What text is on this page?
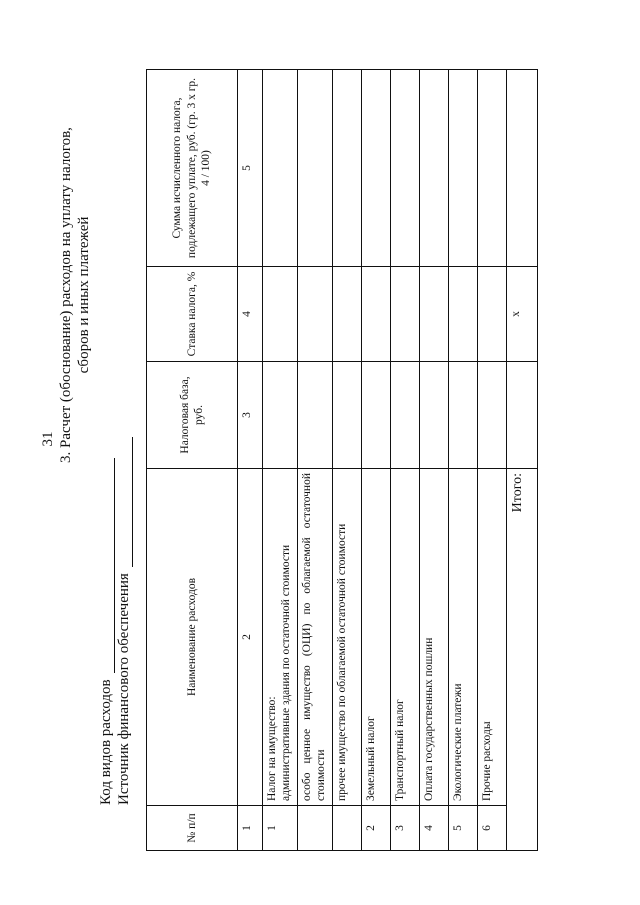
31 3. Расчет (обоснование) расходов на уплату налогов, сборов и иных платежей
Код видов расходов Источник финансового обеспечения
№ п/п	Наименование расходов	Налоговая база, руб.	Ставка налога, %	Сумма исчисленного налога, подлежащего уплате, руб. (гр. 3 х гр. 4 / 100)
1	2	3	4	5
1	Налог на имущество: административные здания по остаточной стоимости			

	особо ценное имущество (ОЦИ) по облагаемой остаточной стоимости			

	прочее имущество по облагаемой остаточной стоимости			
2	Земельный налог			
3	Транспортный налог			
4	Оплата государственных пошлин			
5	Экологические платежи			
6	Прочие расходы			
Итого:			х	
